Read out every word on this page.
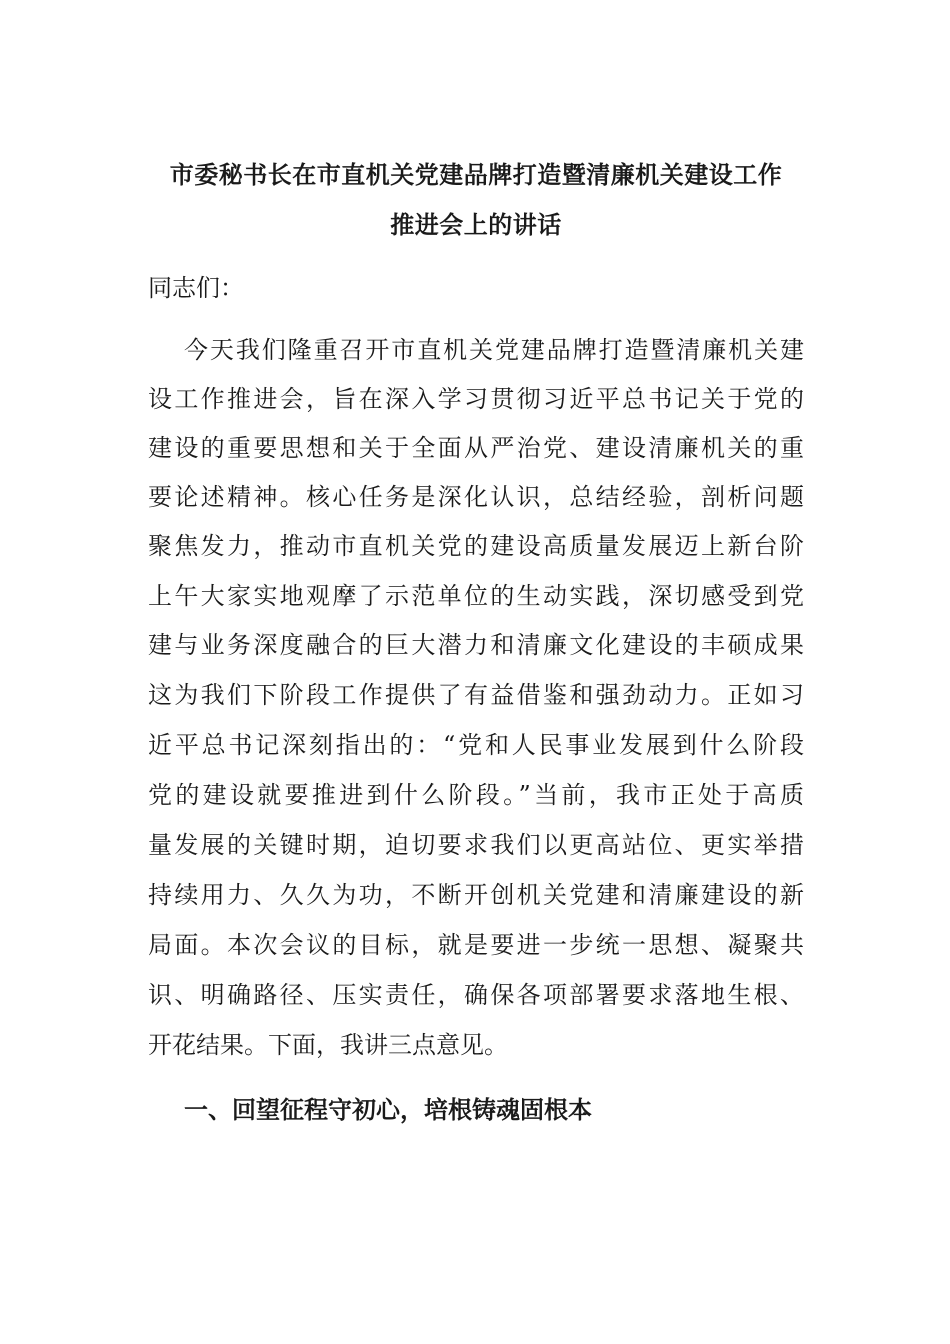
市委秘书长在市直机关党建品牌打造暨清廉机关建设工作
推进会上的讲话
同志们：
今天我们隆重召开市直机关党建品牌打造暨清廉机关建
设工作推进会，旨在深入学习贯彻习近平总书记关于党的
建设的重要思想和关于全面从严治党、建设清廉机关的重
要论述精神。核心任务是深化认识，总结经验，剖析问题
聚焦发力，推动市直机关党的建设高质量发展迈上新台阶
上午大家实地观摩了示范单位的生动实践，深切感受到党
建与业务深度融合的巨大潜力和清廉文化建设的丰硕成果
这为我们下阶段工作提供了有益借鉴和强劲动力。正如习
近平总书记深刻指出的：“党和人民事业发展到什么阶段
党的建设就要推进到什么阶段。”当前，我市正处于高质
量发展的关键时期，迫切要求我们以更高站位、更实举措
持续用力、久久为功，不断开创机关党建和清廉建设的新
局面。本次会议的目标，就是要进一步统一思想、凝聚共
识、明确路径、压实责任，确保各项部署要求落地生根、
开花结果。下面，我讲三点意见。
一、回望征程守初心，培根铸魂固根本
